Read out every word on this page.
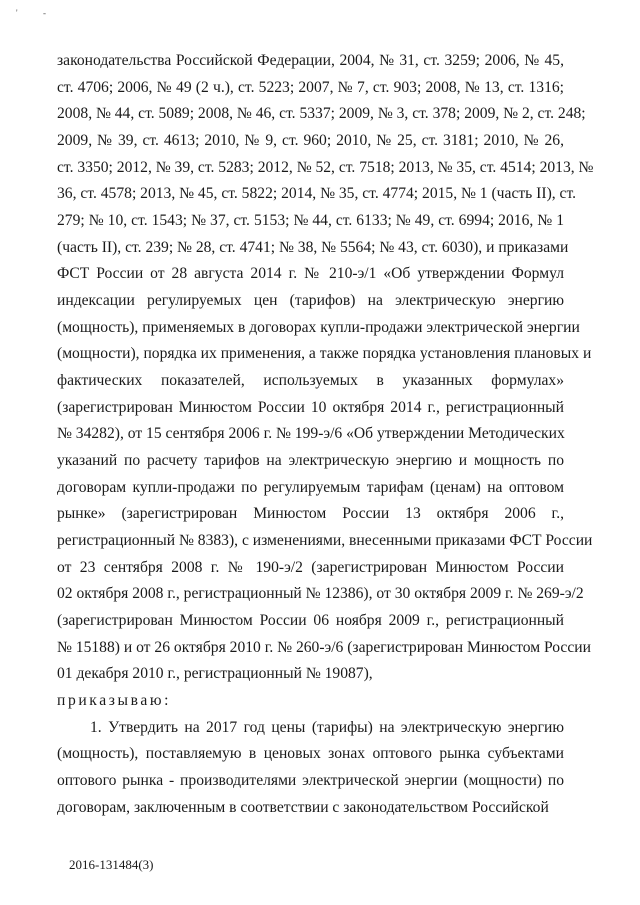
'	-
законодательства Российской Федерации, 2004, № 31, ст. 3259; 2006, № 45,
ст. 4706; 2006, № 49 (2 ч.), ст. 5223; 2007, № 7, ст. 903; 2008, № 13, ст. 1316;
2008, № 44, ст. 5089; 2008, № 46, ст. 5337; 2009, № 3, ст. 378; 2009, № 2, ст. 248;
2009, № 39, ст. 4613; 2010, № 9, ст. 960; 2010, № 25, ст. 3181; 2010, № 26,
ст. 3350; 2012, № 39, ст. 5283; 2012, № 52, ст. 7518; 2013, № 35, ст. 4514; 2013, №
36, ст. 4578; 2013, № 45, ст. 5822; 2014, № 35, ст. 4774; 2015, № 1 (часть II), ст.
279; № 10, ст. 1543; № 37, ст. 5153; № 44, ст. 6133; № 49, ст. 6994; 2016, № 1
(часть II), ст. 239; № 28, ст. 4741; № 38, № 5564; № 43, ст. 6030), и приказами
ФСТ России от 28 августа 2014 г. № 210-э/1 «Об утверждении Формул
индексации регулируемых цен (тарифов) на электрическую энергию
(мощность), применяемых в договорах купли-продажи электрической энергии
(мощности), порядка их применения, а также порядка установления плановых и
фактических показателей, используемых в указанных формулах»
(зарегистрирован Минюстом России 10 октября 2014 г., регистрационный
№ 34282), от 15 сентября 2006 г. № 199-э/6 «Об утверждении Методических
указаний по расчету тарифов на электрическую энергию и мощность по
договорам купли-продажи по регулируемым тарифам (ценам) на оптовом
рынке» (зарегистрирован Минюстом России 13 октября 2006 г.,
регистрационный № 8383), с изменениями, внесенными приказами ФСТ России
от 23 сентября 2008 г. № 190-э/2 (зарегистрирован Минюстом России
02 октября 2008 г., регистрационный № 12386), от 30 октября 2009 г. № 269-э/2
(зарегистрирован Минюстом России 06 ноября 2009 г., регистрационный
№ 15188) и от 26 октября 2010 г. № 260-э/6 (зарегистрирован Минюстом России
01 декабря 2010 г., регистрационный № 19087),
приказываю:
1. Утвердить на 2017 год цены (тарифы) на электрическую энергию
(мощность), поставляемую в ценовых зонах оптового рынка субъектами
оптового рынка - производителями электрической энергии (мощности) по
договорам, заключенным в соответствии с законодательством Российской
2016-131484(3)
